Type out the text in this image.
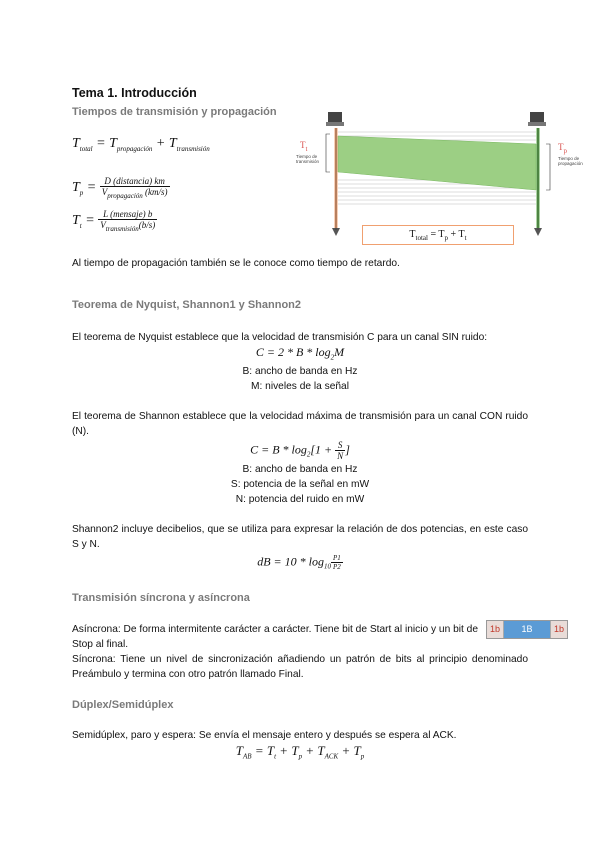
Tema 1. Introducción
Tiempos de transmisión y propagación
$T_{total} = T_{propagación} + T_{transmisión}$
$T_p = \frac{\text{D (distancia) km}}{V_{propagación} (km/s)}$
$T_t = \frac{\text{L (mensaje) b}}{V_{transmisión}(b/s)}$
$T_t$
Tiempo de transmisión
$T_p$
Tiempo de propagación
$T_{total} = T_p + T_t$
Al tiempo de propagación también se le conoce como tiempo de retardo.
Teorema de Nyquist, Shannon1 y Shannon2
El teorema de Nyquist establece que la velocidad de transmisión C para un canal SIN ruido:
$C = 2 * B * \log_2M$
B: ancho de banda en Hz
M: niveles de la señal
El teorema de Shannon establece que la velocidad máxima de transmisión para un canal CON ruido (N).
$C = B * \log_2[1 + \frac{S}{N}$ ]
B: ancho de banda en Hz
S: potencia de la señal en mW
N: potencia del ruido en mW
Shannon2 incluye decibelios, que se utiliza para expresar la relación de dos potencias, en este caso S y N.
dB = $10 * \log_{10} \frac{P1}{P2}$
Transmisión síncrona y asíncrona
Asíncrona: De forma intermitente carácter a carácter. Tiene bit de Start al inicio y un bit de Stop al final.
Síncrona: Tiene un nivel de sincronización añadiendo un patrón de bits al principio denominado Preámbulo y termina con otro patrón llamado Final.
1b	1B	1b
Dúplex/Semidúplex
Semidúplex, paro y espera: Se envía el mensaje entero y después se espera al ACK.
$T_{AB} = T_t + T_p + T_{ACK} + T_p$
